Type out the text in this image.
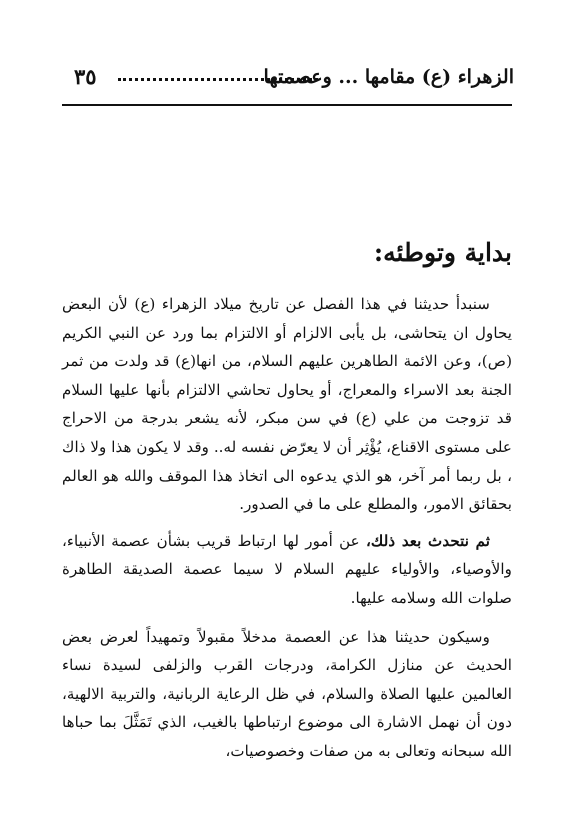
الزهراء (ع) مقامها ... وعصمتها
٣٥
بداية وتوطئه:

سنبدأ حديثنا في هذا الفصل عن تاريخ ميلاد الزهراء (ع) لأن البعض يحاول ان يتحاشى، بل يأبى الالزام أو الالتزام بما ورد عن النبي الكريم (ص)، وعن الائمة الطاهرين عليهم السلام، من انها(ع) قد ولدت من ثمر الجنة بعد الاسراء والمعراج، أو يحاول تحاشي الالتزام بأنها عليها السلام قد تزوجت من علي (ع) في سن مبكر، لأنه يشعر بدرجة من الاحراج على مستوى الاقناع، يُؤْثِر أن لا يعرّض نفسه له.. وقد لا يكون هذا ولا ذاك ، بل ربما أمر آخر، هو الذي يدعوه الى اتخاذ هذا الموقف والله هو العالم بحقائق الامور، والمطلع على ما في الصدور.

ثم نتحدث بعد ذلك، عن أمور لها ارتباط قريب بشأن عصمة الأنبياء، والأوصياء، والأولياء عليهم السلام لا سيما عصمة الصديقة الطاهرة صلوات الله وسلامه عليها.

وسيكون حديثنا هذا عن العصمة مدخلاً مقبولاً وتمهيداً لعرض بعض الحديث عن منازل الكرامة، ودرجات القرب والزلفى لسيدة نساء العالمين عليها الصلاة والسلام، في ظل الرعاية الربانية، والتربية الالهية، دون أن نهمل الاشارة الى موضوع ارتباطها بالغيب، الذي تَمَثَّلَ بما حباها الله سبحانه وتعالى به من صفات وخصوصيات،
